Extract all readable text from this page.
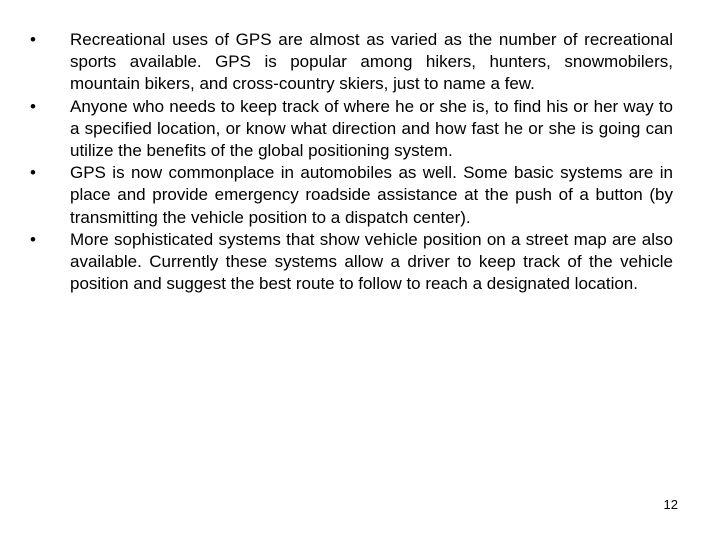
•	Recreational uses of GPS are almost as varied as the number of recreational sports available. GPS is popular among hikers, hunters, snowmobilers, mountain bikers, and cross-country skiers, just to name a few.
•	Anyone who needs to keep track of where he or she is, to find his or her way to a specified location, or know what direction and how fast he or she is going can utilize the benefits of the global positioning system.
•	GPS is now commonplace in automobiles as well. Some basic systems are in place and provide emergency roadside assistance at the push of a button (by transmitting the vehicle position to a dispatch center).
•	More sophisticated systems that show vehicle position on a street map are also available. Currently these systems allow a driver to keep track of the vehicle position and suggest the best route to follow to reach a designated location.
12
